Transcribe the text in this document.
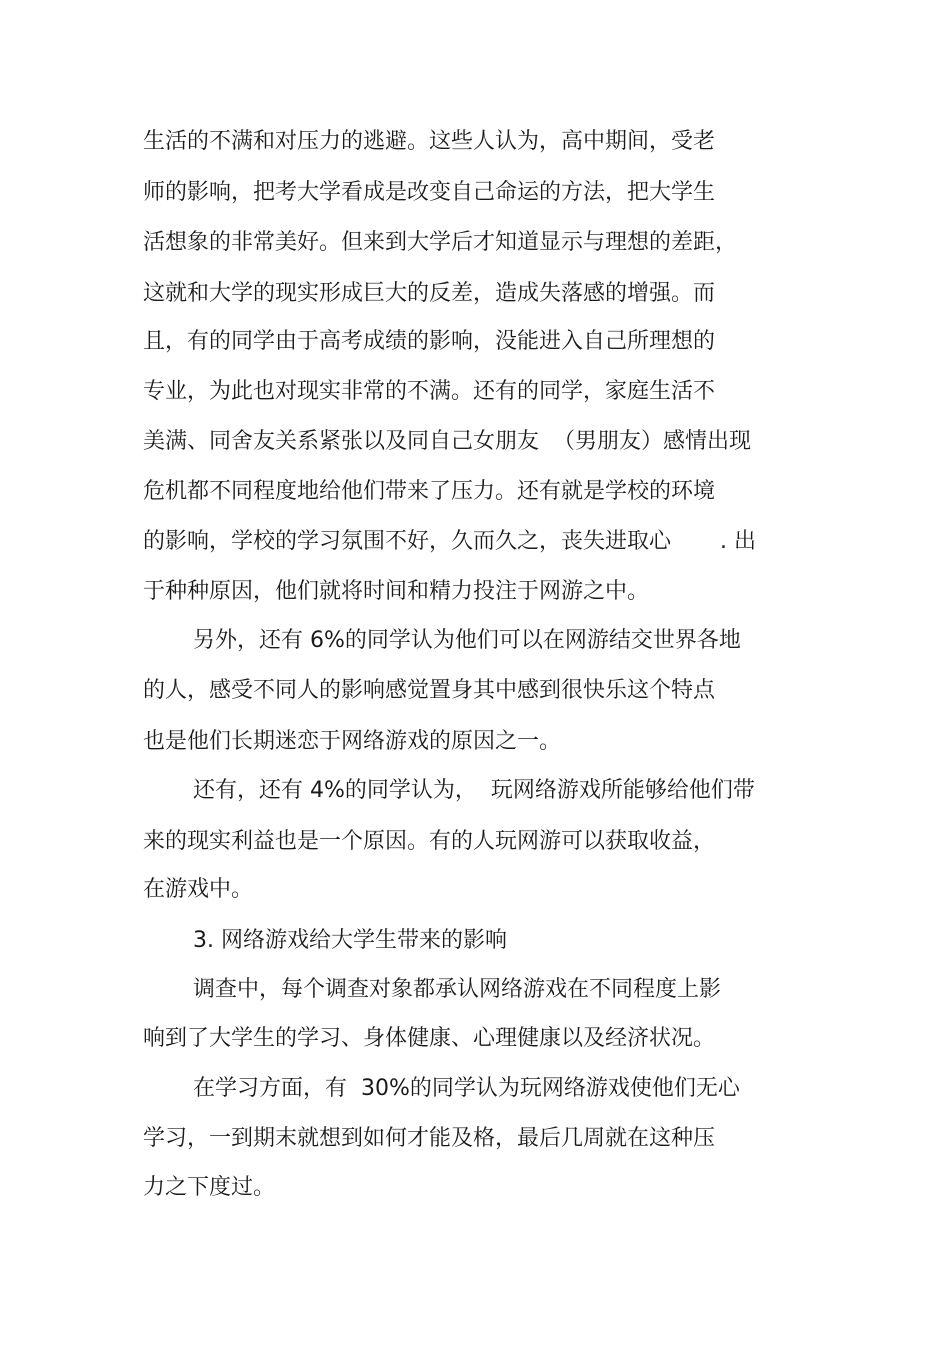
生活的不满和对压力的逃避。这些人认为，高中期间，受老
师的影响，把考大学看成是改变自己命运的方法，把大学生
活想象的非常美好。但来到大学后才知道显示与理想的差距，
这就和大学的现实形成巨大的反差，造成失落感的增强。而
且，有的同学由于高考成绩的影响，没能进入自己所理想的
专业，为此也对现实非常的不满。还有的同学，家庭生活不
美满、同舍友关系紧张以及同自己女朋友  （男朋友）感情出现
危机都不同程度地给他们带来了压力。还有就是学校的环境
的影响，学校的学习氛围不好，久而久之，丧失进取心       . 出
于种种原因，他们就将时间和精力投注于网游之中。
另外，还有 6%的同学认为他们可以在网游结交世界各地
的人，感受不同人的影响感觉置身其中感到很快乐这个特点
也是他们长期迷恋于网络游戏的原因之一。
还有，还有 4%的同学认为，  玩网络游戏所能够给他们带
来的现实利益也是一个原因。有的人玩网游可以获取收益，
在游戏中。
3. 网络游戏给大学生带来的影响
调查中，每个调查对象都承认网络游戏在不同程度上影
响到了大学生的学习、身体健康、心理健康以及经济状况。
在学习方面，有  30%的同学认为玩网络游戏使他们无心
学习，一到期末就想到如何才能及格，最后几周就在这种压
力之下度过。
